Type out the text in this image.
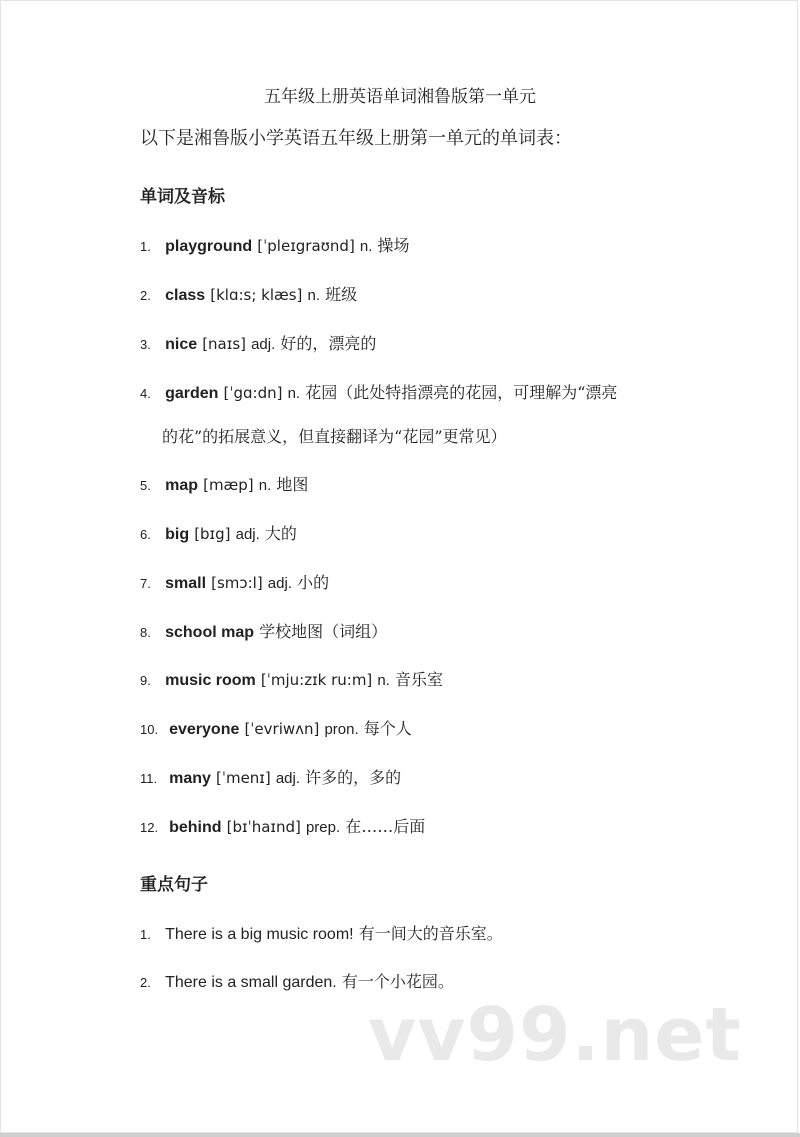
五年级上册英语单词湘鲁版第一单元
以下是湘鲁版小学英语五年级上册第一单元的单词表：
单词及音标
1. playground [ˈpleɪgraʊnd] n. 操场
2. class [klɑ:s; klæs] n. 班级
3. nice [naɪs] adj. 好的，漂亮的
4. garden [ˈgɑ:dn] n. 花园（此处特指漂亮的花园，可理解为“漂亮
的花”的拓展意义，但直接翻译为“花园”更常见）
5. map [mæp] n. 地图
6. big [bɪg] adj. 大的
7. small [smɔ:l] adj. 小的
8. school map 学校地图（词组）
9. music room [ˈmju:zɪk ru:m] n. 音乐室
10. everyone [ˈevriwʌn] pron. 每个人
11. many [ˈmenɪ] adj. 许多的，多的
12. behind [bɪˈhaɪnd] prep. 在……后面
重点句子
1. There is a big music room! 有一间大的音乐室。
2. There is a small garden. 有一个小花园。
vv99.net
